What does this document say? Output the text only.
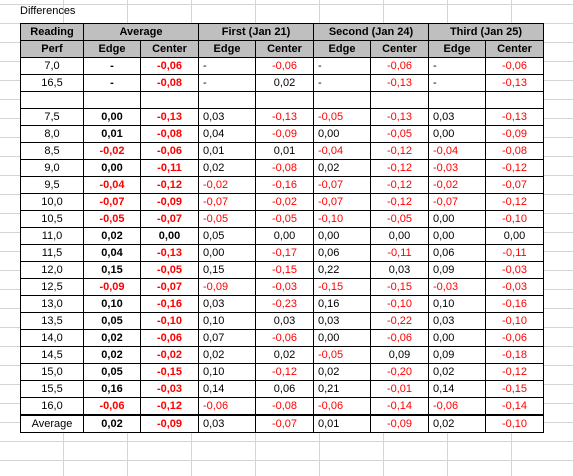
Differences
Reading	Average		First (Jan 21)		Second (Jan 24)		Third (Jan 25)	
Perf	Edge	Center	Edge	Center	Edge	Center	Edge	Center
7,0	-	-0,06	-	-0,06	-	-0,06	-	-0,06
16,5	-	-0,08	-	0,02	-	-0,13	-	-0,13

7,5	0,00	-0,13	0,03	-0,13	-0,05	-0,13	0,03	-0,13
8,0	0,01	-0,08	0,04	-0,09	0,00	-0,05	0,00	-0,09
8,5	-0,02	-0,06	0,01	0,01	-0,04	-0,12	-0,04	-0,08
9,0	0,00	-0,11	0,02	-0,08	0,02	-0,12	-0,03	-0,12
9,5	-0,04	-0,12	-0,02	-0,16	-0,07	-0,12	-0,02	-0,07
10,0	-0,07	-0,09	-0,07	-0,02	-0,07	-0,12	-0,07	-0,12
10,5	-0,05	-0,07	-0,05	-0,05	-0,10	-0,05	0,00	-0,10
11,0	0,02	0,00	0,05	0,00	0,00	0,00	0,00	0,00
11,5	0,04	-0,13	0,00	-0,17	0,06	-0,11	0,06	-0,11
12,0	0,15	-0,05	0,15	-0,15	0,22	0,03	0,09	-0,03
12,5	-0,09	-0,07	-0,09	-0,03	-0,15	-0,15	-0,03	-0,03
13,0	0,10	-0,16	0,03	-0,23	0,16	-0,10	0,10	-0,16
13,5	0,05	-0,10	0,10	0,03	0,03	-0,22	0,03	-0,10
14,0	0,02	-0,06	0,07	-0,06	0,00	-0,06	0,00	-0,06
14,5	0,02	-0,02	0,02	0,02	-0,05	0,09	0,09	-0,18
15,0	0,05	-0,15	0,10	-0,12	0,02	-0,20	0,02	-0,12
15,5	0,16	-0,03	0,14	0,06	0,21	-0,01	0,14	-0,15
16,0	-0,06	-0,12	-0,06	-0,08	-0,06	-0,14	-0,06	-0,14
Average	0,02	-0,09	0,03	-0,07	0,01	-0,09	0,02	-0,10
